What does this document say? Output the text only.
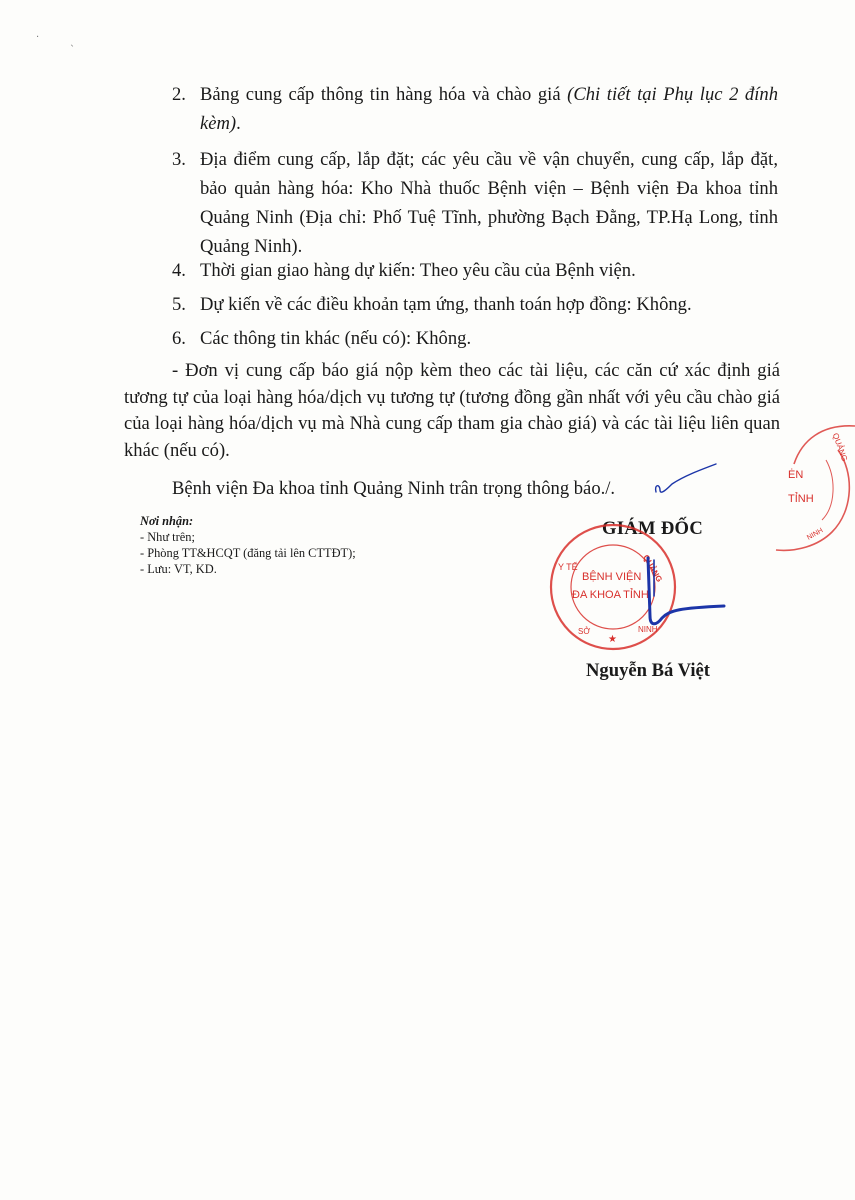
·	ˎ
2. Bảng cung cấp thông tin hàng hóa và chào giá (Chi tiết tại Phụ lục 2 đính kèm).
3. Địa điểm cung cấp, lắp đặt; các yêu cầu về vận chuyển, cung cấp, lắp đặt, bảo quản hàng hóa: Kho Nhà thuốc Bệnh viện – Bệnh viện Đa khoa tỉnh Quảng Ninh (Địa chỉ: Phố Tuệ Tĩnh, phường Bạch Đằng, TP.Hạ Long, tỉnh Quảng Ninh).
4. Thời gian giao hàng dự kiến: Theo yêu cầu của Bệnh viện.
5. Dự kiến về các điều khoản tạm ứng, thanh toán hợp đồng: Không.
6. Các thông tin khác (nếu có): Không.
- Đơn vị cung cấp báo giá nộp kèm theo các tài liệu, các căn cứ xác định giá tương tự của loại hàng hóa/dịch vụ tương tự (tương đồng gần nhất với yêu cầu chào giá của loại hàng hóa/dịch vụ mà Nhà cung cấp tham gia chào giá) và các tài liệu liên quan khác (nếu có).
Bệnh viện Đa khoa tỉnh Quảng Ninh trân trọng thông báo./.
Nơi nhận:
- Như trên;
- Phòng TT&HCQT (đăng tải lên CTTĐT);
- Lưu: VT, KD.
GIÁM ĐỐC
Y TẾ	QUẢNG
BỆNH VIỆN
ĐA KHOA TỈNH
SỞ	NINH
★
QUẢNG
ĖN
TỈNH
NINH
Nguyễn Bá Việt
